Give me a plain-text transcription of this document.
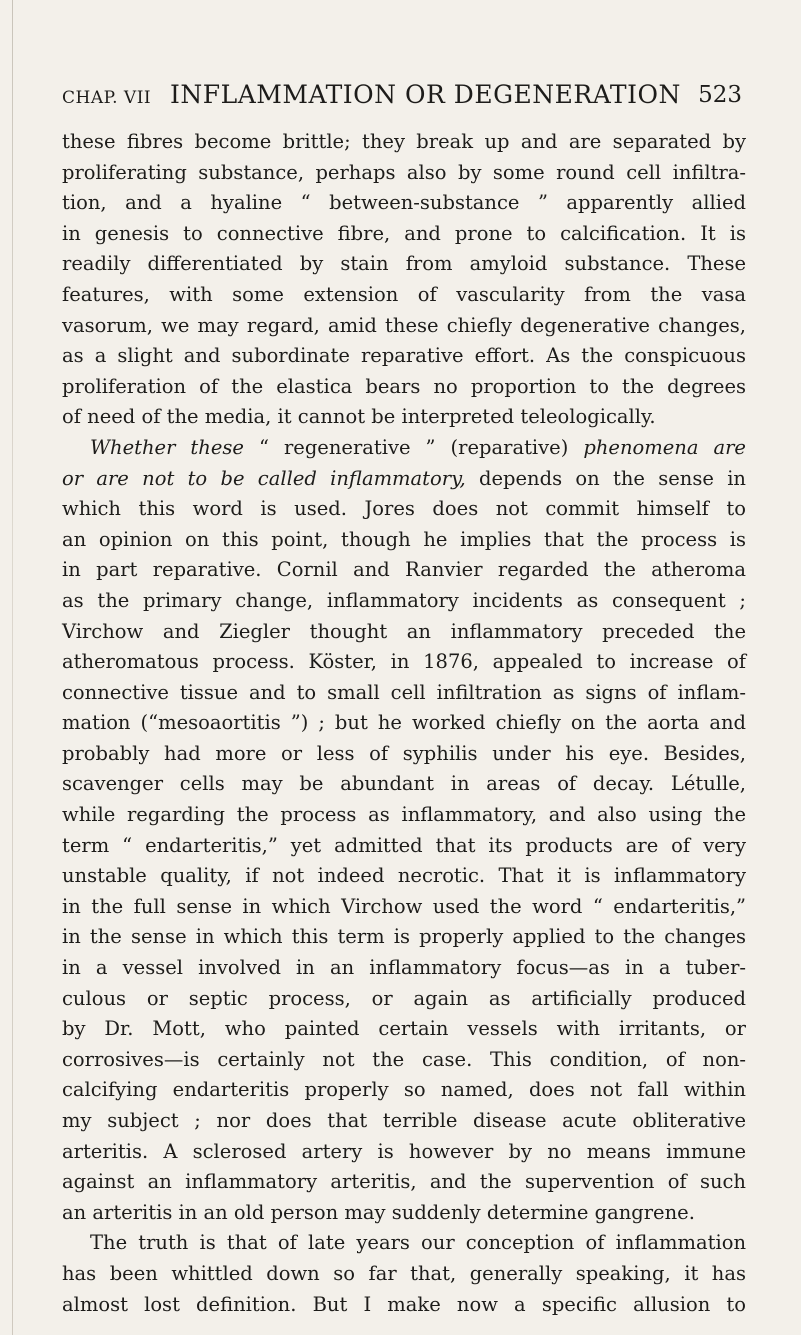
CHAP. VII INFLAMMATION OR DEGENERATION 523
these fibres become brittle; they break up and are separated by
proliferating substance, perhaps also by some round cell infiltra-
tion, and a hyaline “ between-substance ” apparently allied
in genesis to connective fibre, and prone to calcification. It is
readily differentiated by stain from amyloid substance. These
features, with some extension of vascularity from the vasa
vasorum, we may regard, amid these chiefly degenerative changes,
as a slight and subordinate reparative effort. As the conspicuous
proliferation of the elastica bears no proportion to the degrees
of need of the media, it cannot be interpreted teleologically.
Whether these “ regenerative ” (reparative) phenomena are
or are not to be called inflammatory, depends on the sense in
which this word is used. Jores does not commit himself to
an opinion on this point, though he implies that the process is
in part reparative. Cornil and Ranvier regarded the atheroma
as the primary change, inflammatory incidents as consequent ;
Virchow and Ziegler thought an inflammatory preceded the
atheromatous process. Köster, in 1876, appealed to increase of
connective tissue and to small cell infiltration as signs of inflam-
mation (“mesoaortitis ”) ; but he worked chiefly on the aorta and
probably had more or less of syphilis under his eye. Besides,
scavenger cells may be abundant in areas of decay. Létulle,
while regarding the process as inflammatory, and also using the
term “ endarteritis,” yet admitted that its products are of very
unstable quality, if not indeed necrotic. That it is inflammatory
in the full sense in which Virchow used the word “ endarteritis,”
in the sense in which this term is properly applied to the changes
in a vessel involved in an inflammatory focus—as in a tuber-
culous or septic process, or again as artificially produced
by Dr. Mott, who painted certain vessels with irritants, or
corrosives—is certainly not the case. This condition, of non-
calcifying endarteritis properly so named, does not fall within
my subject ; nor does that terrible disease acute obliterative
arteritis. A sclerosed artery is however by no means immune
against an inflammatory arteritis, and the supervention of such
an arteritis in an old person may suddenly determine gangrene.
The truth is that of late years our conception of inflammation
has been whittled down so far that, generally speaking, it has
almost lost definition. But I make now a specific allusion to
